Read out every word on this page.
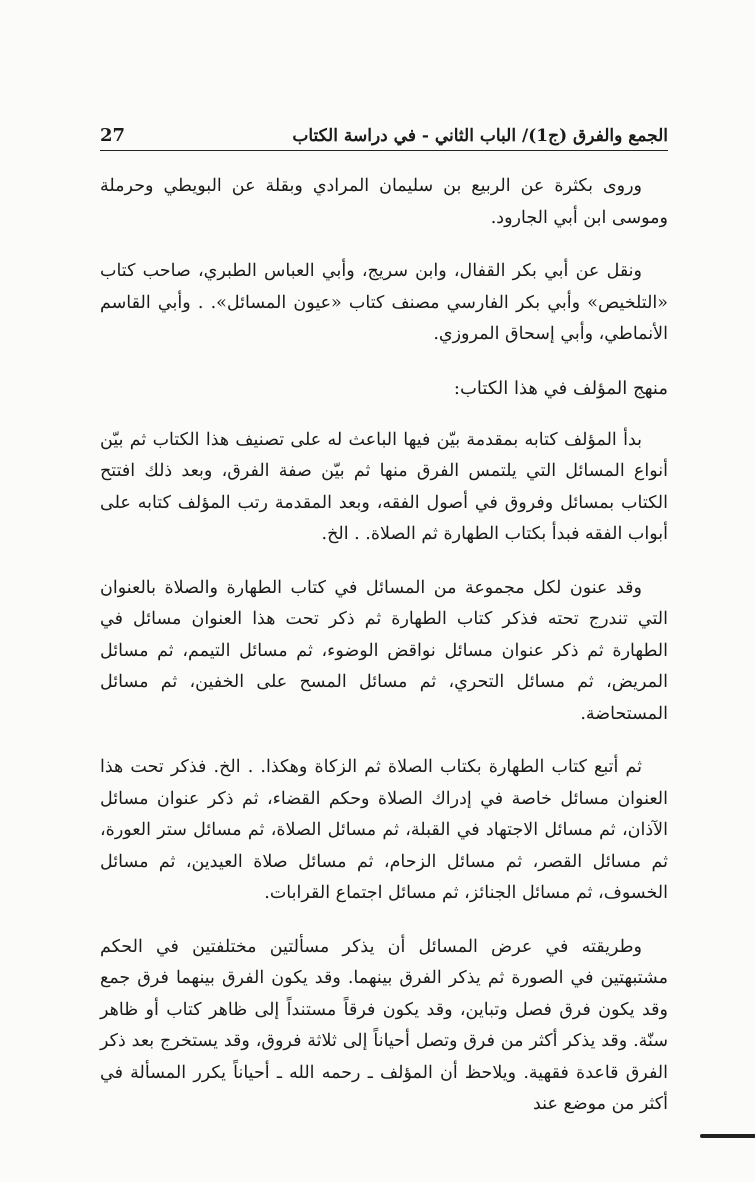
الجمع والفرق (ج1)/ الباب الثاني - في دراسة الكتاب
27

وروى بكثرة عن الربيع بن سليمان المرادي وبقلة عن البويطي وحرملة وموسى ابن أبي الجارود.

ونقل عن أبي بكر القفال، وابن سريج، وأبي العباس الطبري، صاحب كتاب «التلخيص» وأبي بكر الفارسي مصنف كتاب «عيون المسائل». . وأبي القاسم الأنماطي، وأبي إسحاق المروزي.

منهج المؤلف في هذا الكتاب:

بدأ المؤلف كتابه بمقدمة بيّن فيها الباعث له على تصنيف هذا الكتاب ثم بيّن أنواع المسائل التي يلتمس الفرق منها ثم بيّن صفة الفرق، وبعد ذلك افتتح الكتاب بمسائل وفروق في أصول الفقه، وبعد المقدمة رتب المؤلف كتابه على أبواب الفقه فبدأ بكتاب الطهارة ثم الصلاة. . الخ.

وقد عنون لكل مجموعة من المسائل في كتاب الطهارة والصلاة بالعنوان التي تندرج تحته فذكر كتاب الطهارة ثم ذكر تحت هذا العنوان مسائل في الطهارة ثم ذكر عنوان مسائل نواقض الوضوء، ثم مسائل التيمم، ثم مسائل المريض، ثم مسائل التحري، ثم مسائل المسح على الخفين، ثم مسائل المستحاضة.

ثم أتبع كتاب الطهارة بكتاب الصلاة ثم الزكاة وهكذا. . الخ. فذكر تحت هذا العنوان مسائل خاصة في إدراك الصلاة وحكم القضاء، ثم ذكر عنوان مسائل الآذان، ثم مسائل الاجتهاد في القبلة، ثم مسائل الصلاة، ثم مسائل ستر العورة، ثم مسائل القصر، ثم مسائل الزحام، ثم مسائل صلاة العيدين، ثم مسائل الخسوف، ثم مسائل الجنائز، ثم مسائل اجتماع القرابات.

وطريقته في عرض المسائل أن يذكر مسألتين مختلفتين في الحكم مشتبهتين في الصورة ثم يذكر الفرق بينهما. وقد يكون الفرق بينهما فرق جمع وقد يكون فرق فصل وتباين، وقد يكون فرقاً مستنداً إلى ظاهر كتاب أو ظاهر سنّة. وقد يذكر أكثر من فرق وتصل أحياناً إلى ثلاثة فروق، وقد يستخرج بعد ذكر الفرق قاعدة فقهية. ويلاحظ أن المؤلف ـ رحمه الله ـ أحياناً يكرر المسألة في أكثر من موضع عند
